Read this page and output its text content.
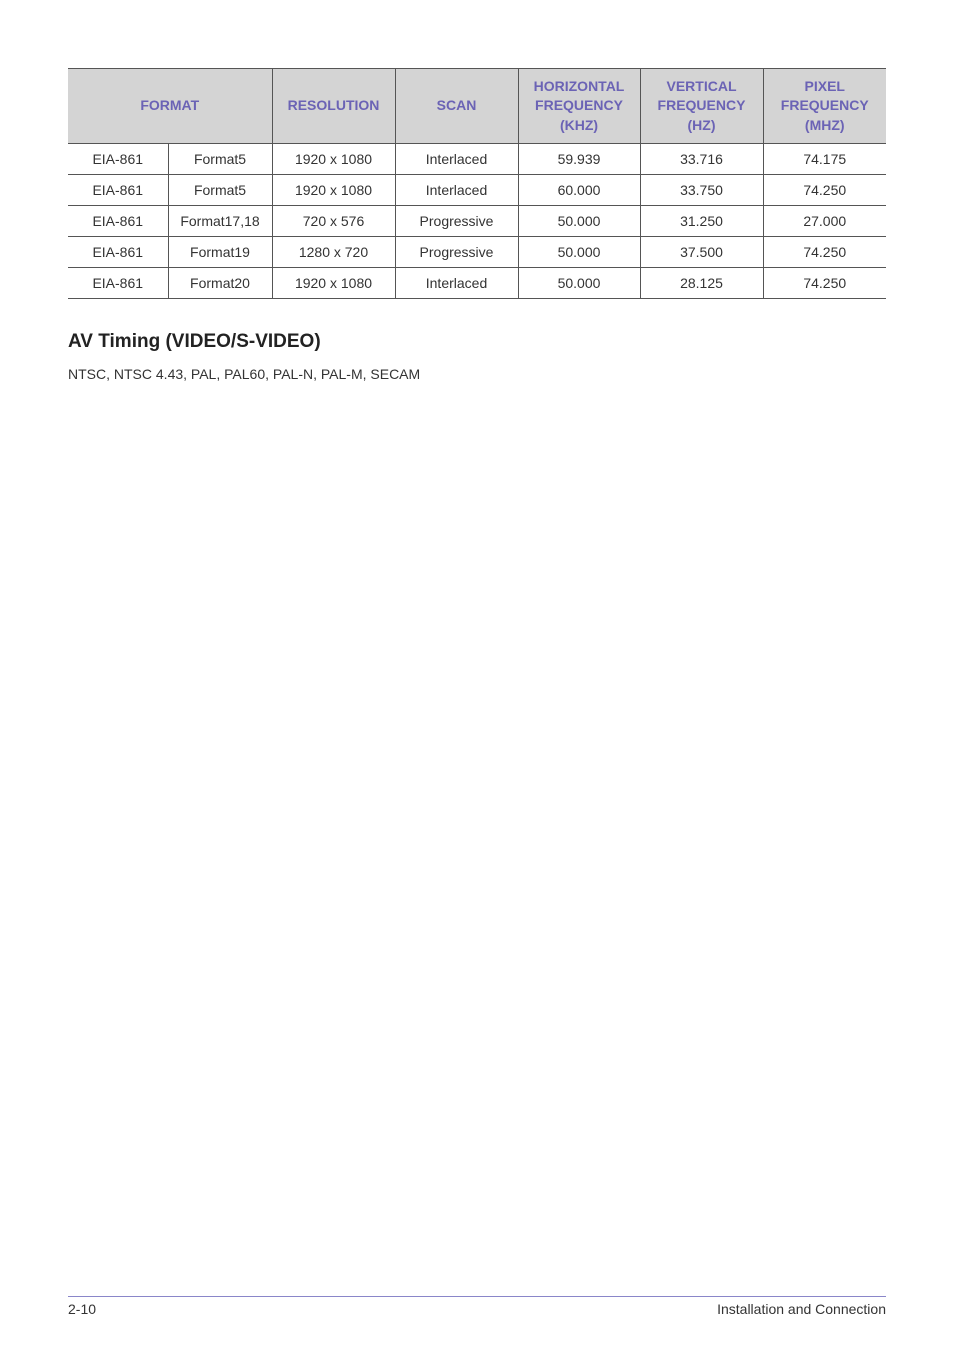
FORMAT		RESOLUTION	SCAN	HORIZONTAL
FREQUENCY
(KHZ)	VERTICAL
FREQUENCY
(HZ)	PIXEL
FREQUENCY
(MHZ)
EIA-861	Format5	1920 x 1080	Interlaced	59.939	33.716	74.175
EIA-861	Format5	1920 x 1080	Interlaced	60.000	33.750	74.250
EIA-861	Format17,18	720 x 576	Progressive	50.000	31.250	27.000
EIA-861	Format19	1280 x 720	Progressive	50.000	37.500	74.250
EIA-861	Format20	1920 x 1080	Interlaced	50.000	28.125	74.250
AV Timing (VIDEO/S-VIDEO)

NTSC, NTSC 4.43, PAL, PAL60, PAL-N, PAL-M, SECAM

2-10	Installation and Connection
